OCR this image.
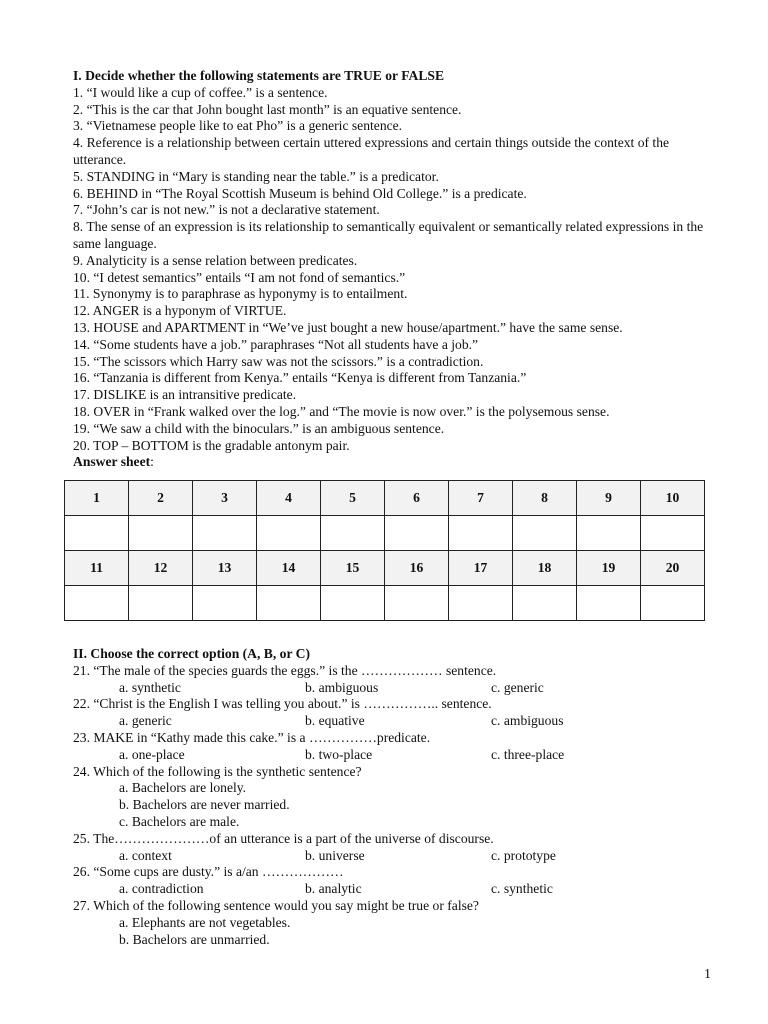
I. Decide whether the following statements are TRUE or FALSE
1. “I would like a cup of coffee.” is a sentence.
2. “This is the car that John bought last month” is an equative sentence.
3. “Vietnamese people like to eat Pho” is a generic sentence.
4. Reference is a relationship between certain uttered expressions and certain things outside the context of the utterance.
5. STANDING in “Mary is standing near the table.” is a predicator.
6. BEHIND in “The Royal Scottish Museum is behind Old College.” is a predicate.
7. “John’s car is not new.” is not a declarative statement.
8. The sense of an expression is its relationship to semantically equivalent or semantically related expressions in the same language.
9. Analyticity is a sense relation between predicates.
10. “I detest semantics” entails “I am not fond of semantics.”
11. Synonymy is to paraphrase as hyponymy is to entailment.
12. ANGER is a hyponym of VIRTUE.
13. HOUSE and APARTMENT in “We’ve just bought a new house/apartment.” have the same sense.
14. “Some students have a job.” paraphrases “Not all students have a job.”
15. “The scissors which Harry saw was not the scissors.” is a contradiction.
16. “Tanzania is different from Kenya.” entails “Kenya is different from Tanzania.”
17. DISLIKE is an intransitive predicate.
18. OVER in “Frank walked over the log.” and “The movie is now over.” is the polysemous sense.
19. “We saw a child with the binoculars.” is an ambiguous sentence.
20. TOP – BOTTOM is the gradable antonym pair.
Answer sheet:
1	2	3	4	5	6	7	8	9	10

11	12	13	14	15	16	17	18	19	20

II. Choose the correct option (A, B, or C)
21. “The male of the species guards the eggs.” is the ……………… sentence.
a. synthetic	b. ambiguous	c. generic
22. “Christ is the English I was telling you about.” is …………….. sentence.
a. generic	b. equative	c. ambiguous
23. MAKE in “Kathy made this cake.” is a ……………predicate.
a. one-place	b. two-place	c. three-place
24. Which of the following is the synthetic sentence?
a. Bachelors are lonely.
b. Bachelors are never married.
c. Bachelors are male.
25. The…………………of an utterance is a part of the universe of discourse.
a. context	b. universe	c. prototype
26. “Some cups are dusty.” is a/an ………………
a. contradiction	b. analytic	c. synthetic
27. Which of the following sentence would you say might be true or false?
a. Elephants are not vegetables.
b. Bachelors are unmarried.
1
